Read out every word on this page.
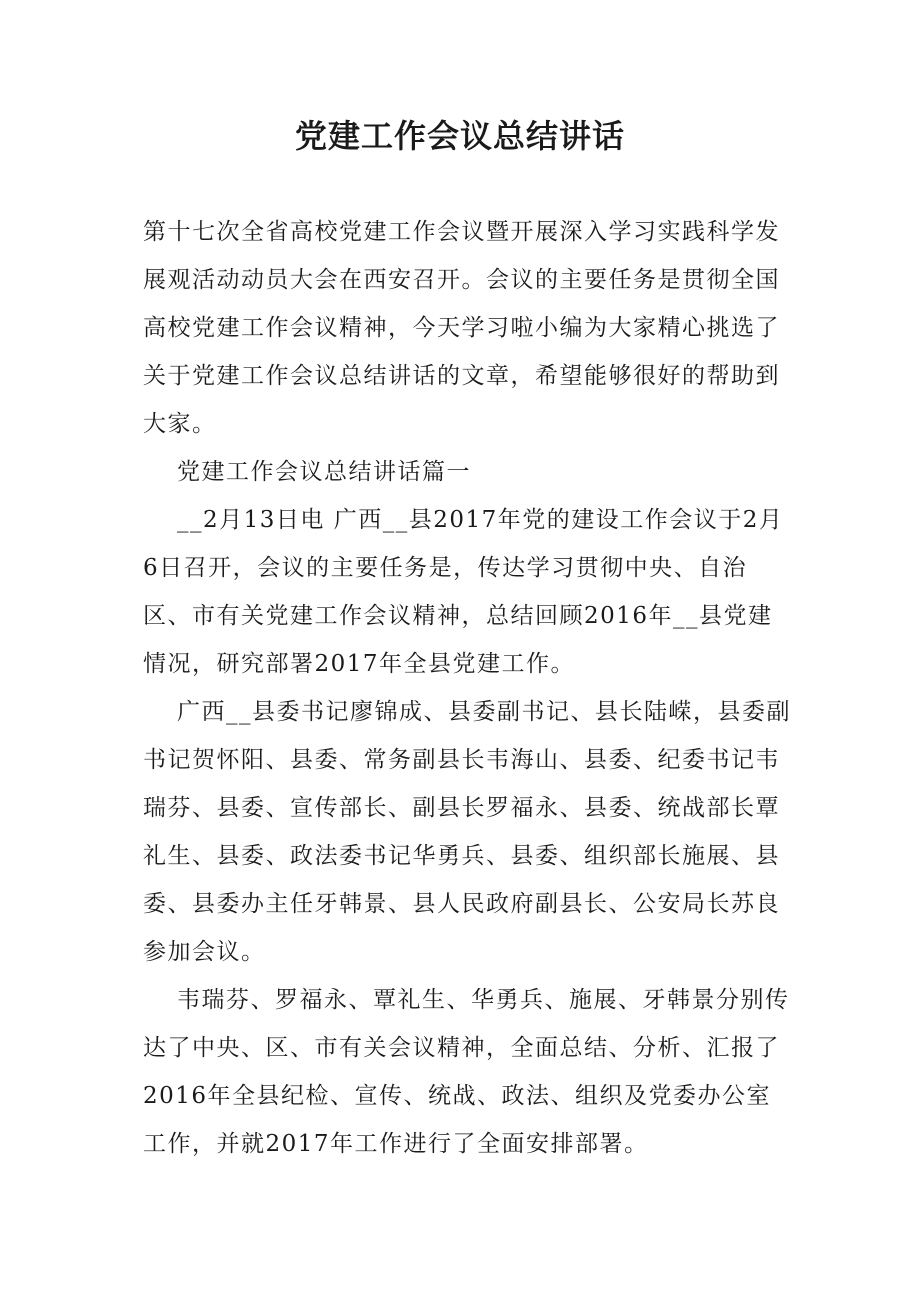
党建工作会议总结讲话

第十七次全省高校党建工作会议暨开展深入学习实践科学发展观活动动员大会在西安召开。会议的主要任务是贯彻全国高校党建工作会议精神，今天学习啦小编为大家精心挑选了关于党建工作会议总结讲话的文章，希望能够很好的帮助到大家。

党建工作会议总结讲话篇一

__2月13日电 广西__县2017年党的建设工作会议于2月6日召开，会议的主要任务是，传达学习贯彻中央、自治区、市有关党建工作会议精神，总结回顾2016年__县党建情况，研究部署2017年全县党建工作。

广西__县委书记廖锦成、县委副书记、县长陆嵘，县委副书记贺怀阳、县委、常务副县长韦海山、县委、纪委书记韦瑞芬、县委、宣传部长、副县长罗福永、县委、统战部长覃礼生、县委、政法委书记华勇兵、县委、组织部长施展、县委、县委办主任牙韩景、县人民政府副县长、公安局长苏良参加会议。

韦瑞芬、罗福永、覃礼生、华勇兵、施展、牙韩景分别传达了中央、区、市有关会议精神，全面总结、分析、汇报了2016年全县纪检、宣传、统战、政法、组织及党委办公室工作，并就2017年工作进行了全面安排部署。
